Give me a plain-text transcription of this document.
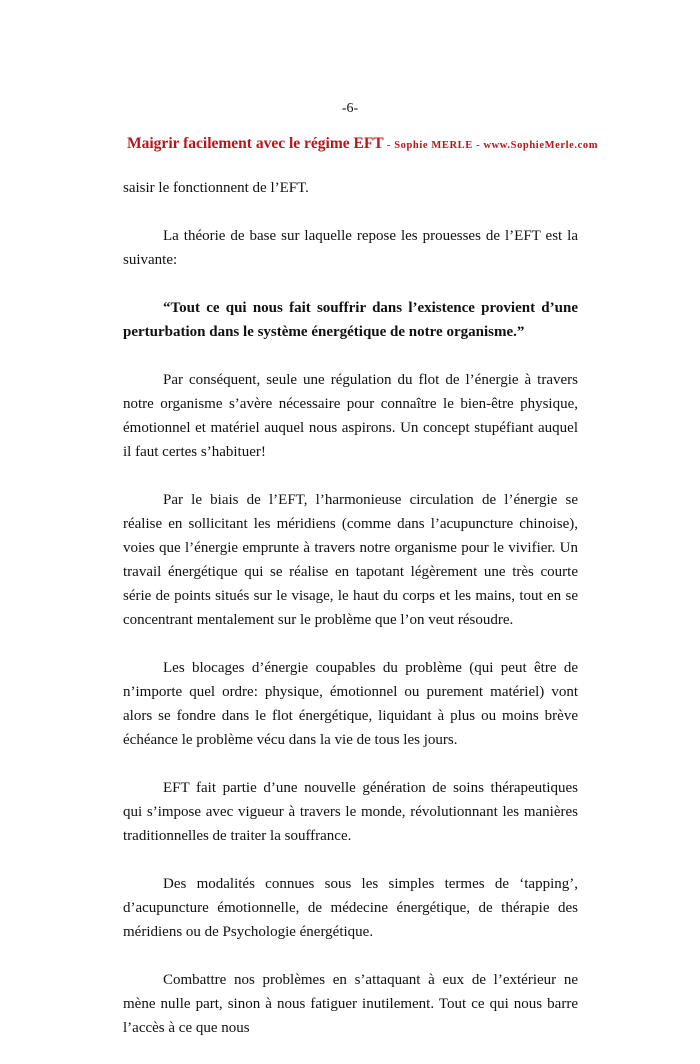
-6-
Maigrir facilement avec le régime EFT - Sophie MERLE - www.SophieMerle.com

saisir le fonctionnent de l’EFT.

La théorie de base sur laquelle repose les prouesses de l’EFT est la suivante:

“Tout ce qui nous fait souffrir dans l’existence provient d’une perturbation dans le système énergétique de notre organisme.”

Par conséquent, seule une régulation du flot de l’énergie à travers notre organisme s’avère nécessaire pour connaître le bien-être physique, émotionnel et matériel auquel nous aspirons. Un concept stupéfiant auquel il faut certes s’habituer!

Par le biais de l’EFT, l’harmonieuse circulation de l’énergie se réalise en sollicitant les méridiens (comme dans l’acupuncture chinoise), voies que l’énergie emprunte à travers notre organisme pour le vivifier. Un travail énergétique qui se réalise en tapotant légèrement une très courte série de points situés sur le visage, le haut du corps et les mains, tout en se concentrant mentalement sur le problème que l’on veut résoudre.

Les blocages d’énergie coupables du problème (qui peut être de n’importe quel ordre: physique, émotionnel ou purement matériel) vont alors se fondre dans le flot énergétique, liquidant à plus ou moins brève échéance le problème vécu dans la vie de tous les jours.

EFT fait partie d’une nouvelle génération de soins thérapeutiques qui s’impose avec vigueur à travers le monde, révolutionnant les manières traditionnelles de traiter la souffrance.

Des modalités connues sous les simples termes de ‘tapping’, d’acupuncture émotionnelle, de médecine énergétique, de thérapie des méridiens ou de Psychologie énergétique.

Combattre nos problèmes en s’attaquant à eux de l’extérieur ne mène nulle part, sinon à nous fatiguer inutilement. Tout ce qui nous barre l’accès à ce que nous
